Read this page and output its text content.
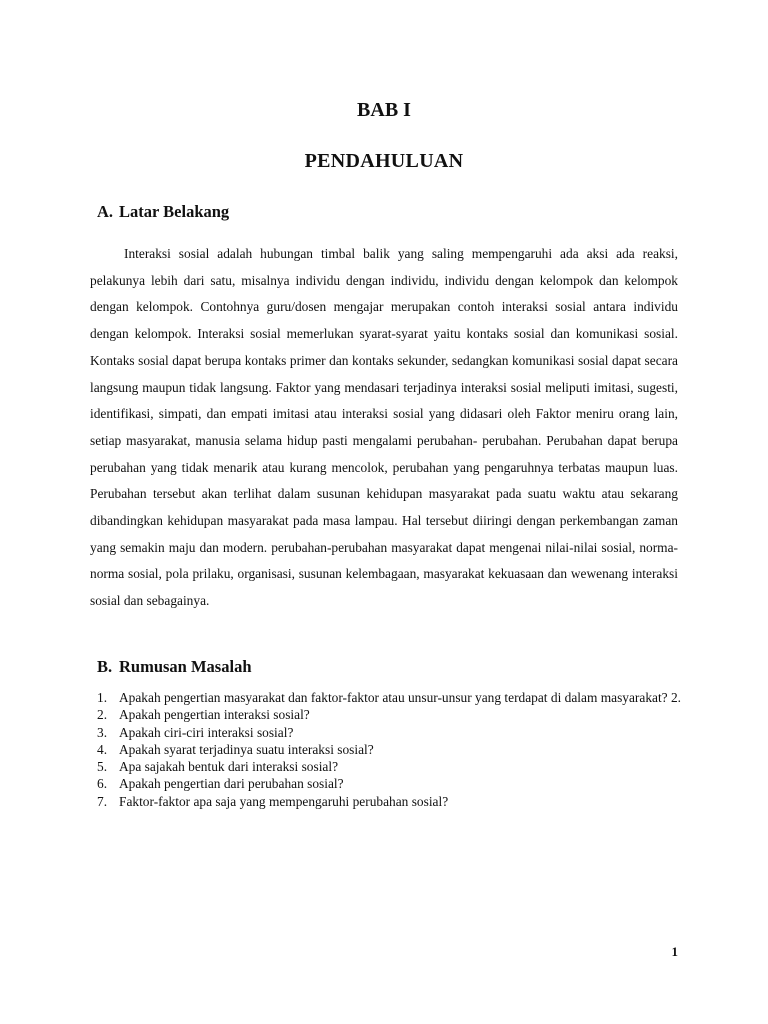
BAB I
PENDAHULUAN
A. Latar Belakang

Interaksi sosial adalah hubungan timbal balik yang saling mempengaruhi ada aksi ada reaksi, pelakunya lebih dari satu, misalnya individu dengan individu, individu dengan kelompok dan kelompok dengan kelompok. Contohnya guru/dosen mengajar merupakan contoh interaksi sosial antara individu dengan kelompok. Interaksi sosial memerlukan syarat-syarat yaitu kontaks sosial dan komunikasi sosial. Kontaks sosial dapat berupa kontaks primer dan kontaks sekunder, sedangkan komunikasi sosial dapat secara langsung maupun tidak langsung. Faktor yang mendasari terjadinya interaksi sosial meliputi imitasi, sugesti, identifikasi, simpati, dan empati imitasi atau interaksi sosial yang didasari oleh Faktor meniru orang lain, setiap masyarakat, manusia selama hidup pasti mengalami perubahan- perubahan. Perubahan dapat berupa perubahan yang tidak menarik atau kurang mencolok, perubahan yang pengaruhnya terbatas maupun luas. Perubahan tersebut akan terlihat dalam susunan kehidupan masyarakat pada suatu waktu atau sekarang dibandingkan kehidupan masyarakat pada masa lampau. Hal tersebut diiringi dengan perkembangan zaman yang semakin maju dan modern. perubahan-perubahan masyarakat dapat mengenai nilai-nilai sosial, norma-norma sosial, pola prilaku, organisasi, susunan kelembagaan, masyarakat kekuasaan dan wewenang interaksi sosial dan sebagainya.

B. Rumusan Masalah
1. Apakah pengertian masyarakat dan faktor-faktor atau unsur-unsur yang terdapat di dalam masyarakat? 2.
2. Apakah pengertian interaksi sosial?
3. Apakah ciri-ciri interaksi sosial?
4. Apakah syarat terjadinya suatu interaksi sosial?
5. Apa sajakah bentuk dari interaksi sosial?
6. Apakah pengertian dari perubahan sosial?
7. Faktor-faktor apa saja yang mempengaruhi perubahan sosial?
1
